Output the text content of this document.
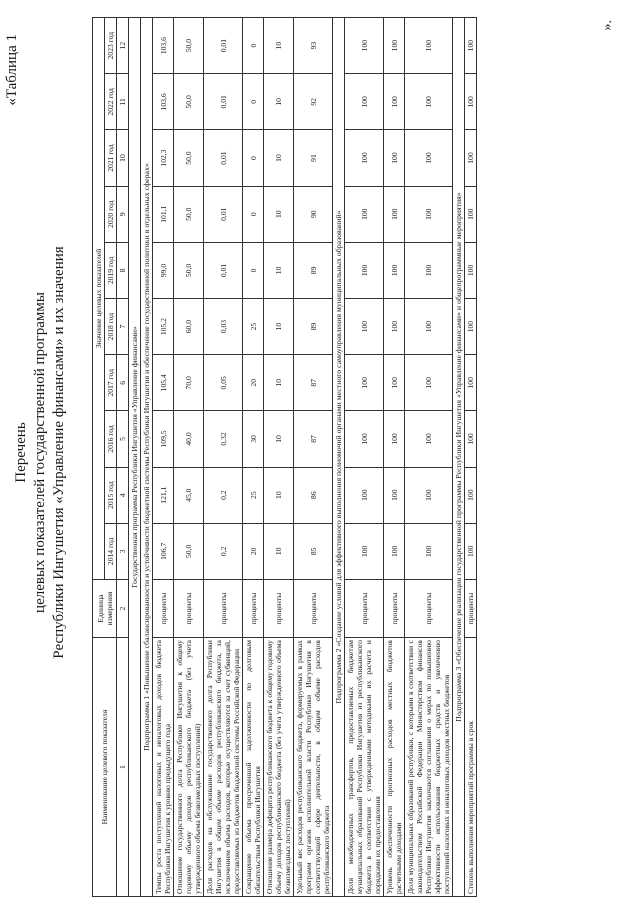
«Таблица 1
Перечень целевых показателей государственной программы Республики Ингушетия «Управление финансами» и их значения
Наименование целевого показателя	Единица измерения	Значение целевых показателей									
		2014 год	2015 год	2016 год	2017 год	2018 год	2019 год	2020 год	2021 год	2022 год	2023 год
1	2	3	4	5	6	7	8	9	10	11	12
Государственная программа Республики Ингушетия «Управление финансами»											
Подпрограмма 1 «Повышение сбалансированности и устойчивости бюджетной системы Республики Ингушетия и обеспечение государственной политики в отдельных сферах»											
Темпы роста поступлений налоговых и неналоговых доходов бюджета Республики Ингушетия к уровню предыдущего года	проценты	106,7	121,1	109,5	105,4	105,2	99,0	101,1	102,3	103,6	103,6
Отношение государственного долга Республики Ингушетия к общему годовому объему доходов республиканского бюджета (без учета утвержденного объема безвозмездных поступлений)	проценты	50,0	45,0	40,0	70,0	60,0	50,0	50,0	50,0	50,0	50,0
Доля расходов на обслуживание государственного долга Республики Ингушетия в общем объеме расходов республиканского бюджета, за исключением объема расходов, которые осуществляются за счет субвенций, предоставляемых из бюджетов бюджетной системы Российской Федерации	проценты	0,2	0,2	0,32	0,05	0,03	0,01	0,01	0,01	0,01	0,01
Сокращение объема просроченной задолженности по долговым обязательствам Республики Ингушетия	проценты	20	25	30	20	25	0	0	0	0	0
Отношение размера дефицита республиканского бюджета к общему годовому объему доходов республиканского бюджета (без учета утвержденного объема безвозмездных поступлений)	проценты	10	10	10	10	10	10	10	10	10	10
Удельный вес расходов республиканского бюджета, формируемых в рамках программ органов исполнительной власти Республики Ингушетия в соответствующей сфере деятельности, в общем объеме расходов республиканского бюджета	проценты	85	86	87	87	89	89	90	91	92	93
Подпрограмма 2 «Создание условий для эффективного выполнения полномочий органами местного самоуправления муниципальных образований»											
Доля межбюджетных трансфертов, предоставляемых бюджетам муниципальных образований Республики Ингушетия из республиканского бюджета в соответствии с утвержденными методиками их расчета и порядками их предоставления	проценты	100	100	100	100	100	100	100	100	100	100
Уровень обеспеченности прогнозных расходов местных бюджетов расчетными доходами	проценты	100	100	100	100	100	100	100	100	100	100
Доля муниципальных образований республики, с которыми в соответствии с законодательством Российской Федерации Министерством финансов Республики Ингушетия заключаются соглашения о мерах по повышению эффективности использования бюджетных средств и увеличению поступлений налоговых и неналоговых доходов местных бюджетов	проценты	100	100	100	100	100	100	100	100	100	100
Подпрограмма 3 «Обеспечение реализации государственной программы Республики Ингушетия «Управление финансами» и общепрограммные мероприятия»											
Степень выполнения мероприятий программы в срок	проценты	100	100	100	100	100	100	100	100	100	100
».
